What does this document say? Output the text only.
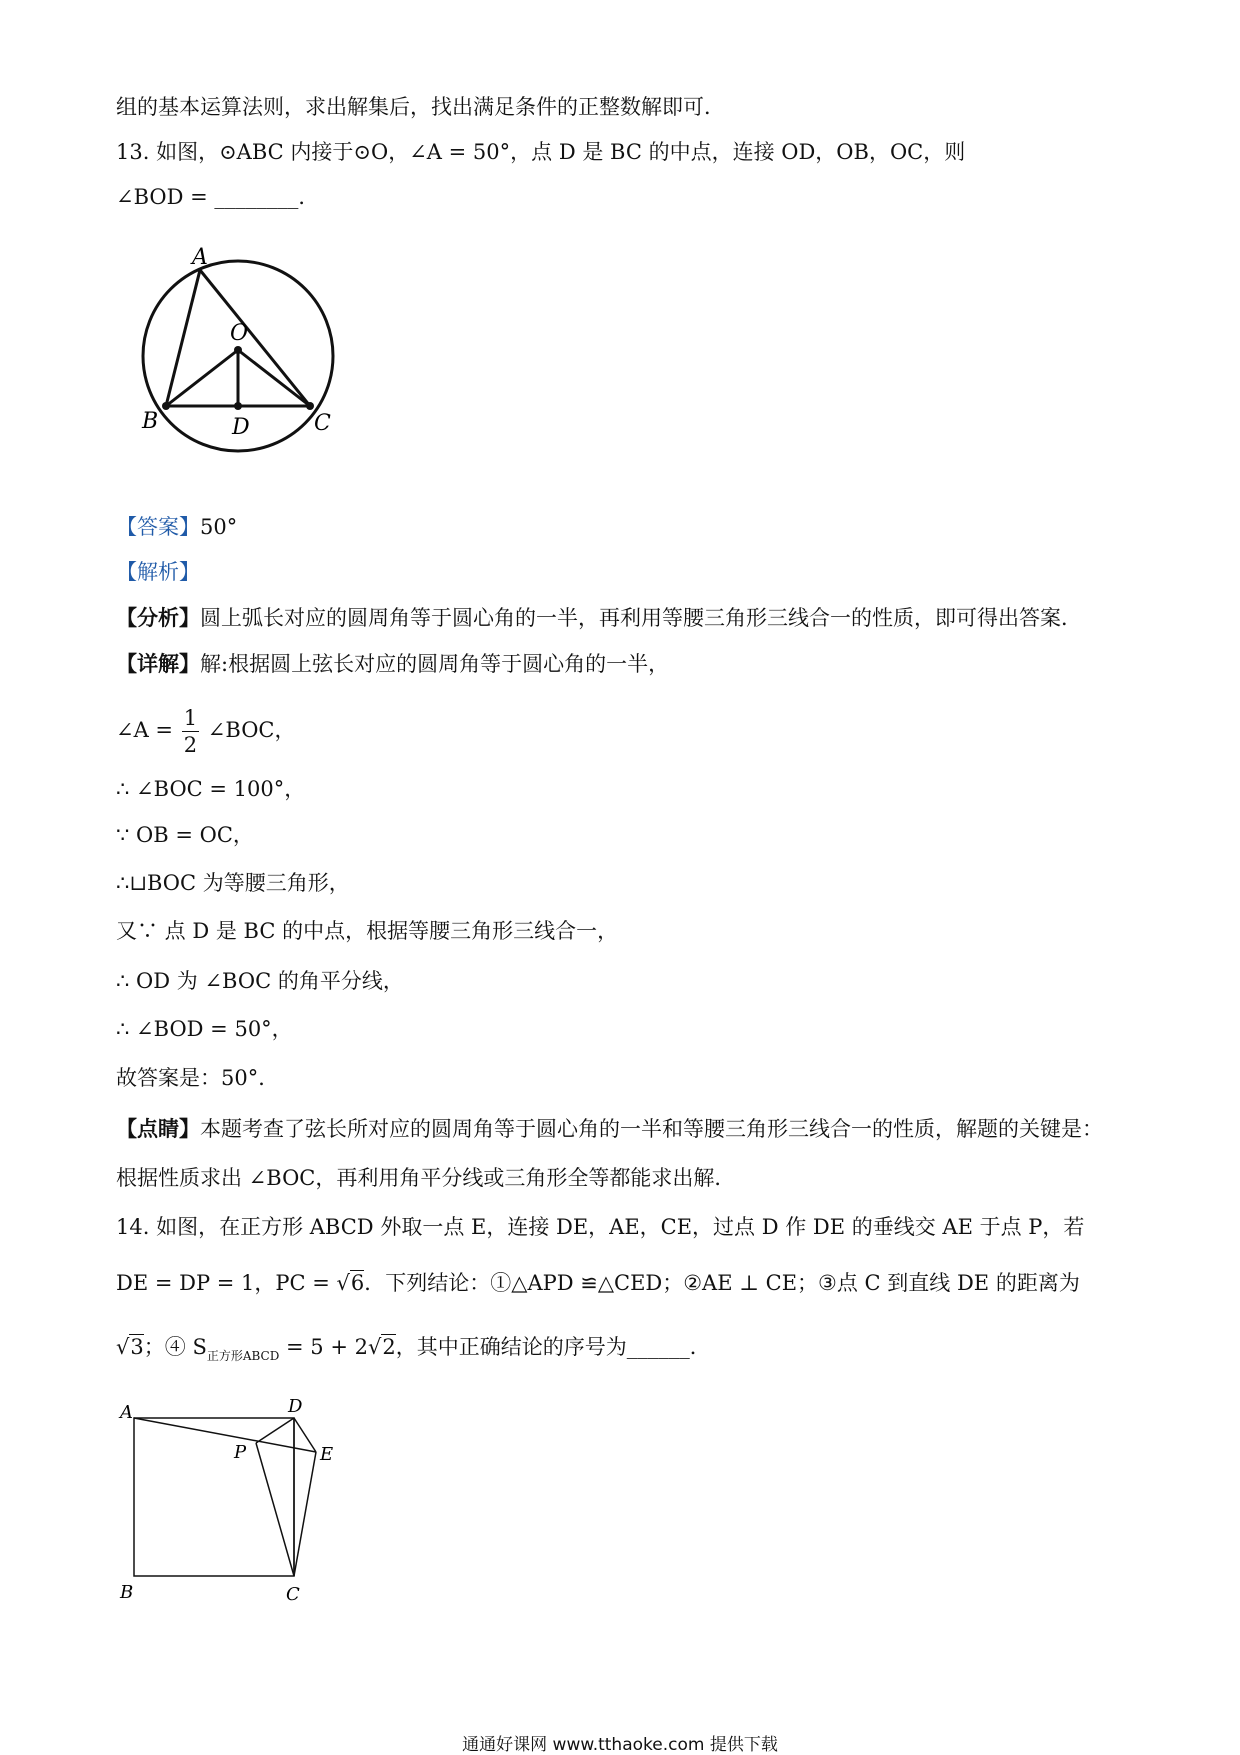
组的基本运算法则，求出解集后，找出满足条件的正整数解即可．
13. 如图，⊙ABC 内接于⊙O，∠A = 50°，点 D 是 BC 的中点，连接 OD，OB，OC，则
∠BOD = ________．
A
O
B	D	C
【答案】50°
【解析】
【分析】圆上弧长对应的圆周角等于圆心角的一半，再利用等腰三角形三线合一的性质，即可得出答案．
【详解】解:根据圆上弦长对应的圆周角等于圆心角的一半，
∠A = $\frac{1}{2}$ ∠BOC，
∴ ∠BOC = 100°，
∵ OB = OC，
∴⊔BOC 为等腰三角形，
又∵ 点 D 是 BC 的中点，根据等腰三角形三线合一，
∴ OD 为 ∠BOC 的角平分线，
∴ ∠BOD = 50°，
故答案是：50°．
【点睛】本题考查了弦长所对应的圆周角等于圆心角的一半和等腰三角形三线合一的性质，解题的关键是：
根据性质求出 ∠BOC，再利用角平分线或三角形全等都能求出解．
14. 如图，在正方形 ABCD 外取一点 E，连接 DE，AE，CE，过点 D 作 DE 的垂线交 AE 于点 P，若
DE = DP = 1，PC = √6．下列结论：①△APD ≌△CED；②AE ⊥ CE；③点 C 到直线 DE 的距离为
√3；④ $S_{正方形ABCD} = 5 + 2√2$，其中正确结论的序号为______．
A	D
P	E
B	C
通通好课网 www.tthaoke.com 提供下载
